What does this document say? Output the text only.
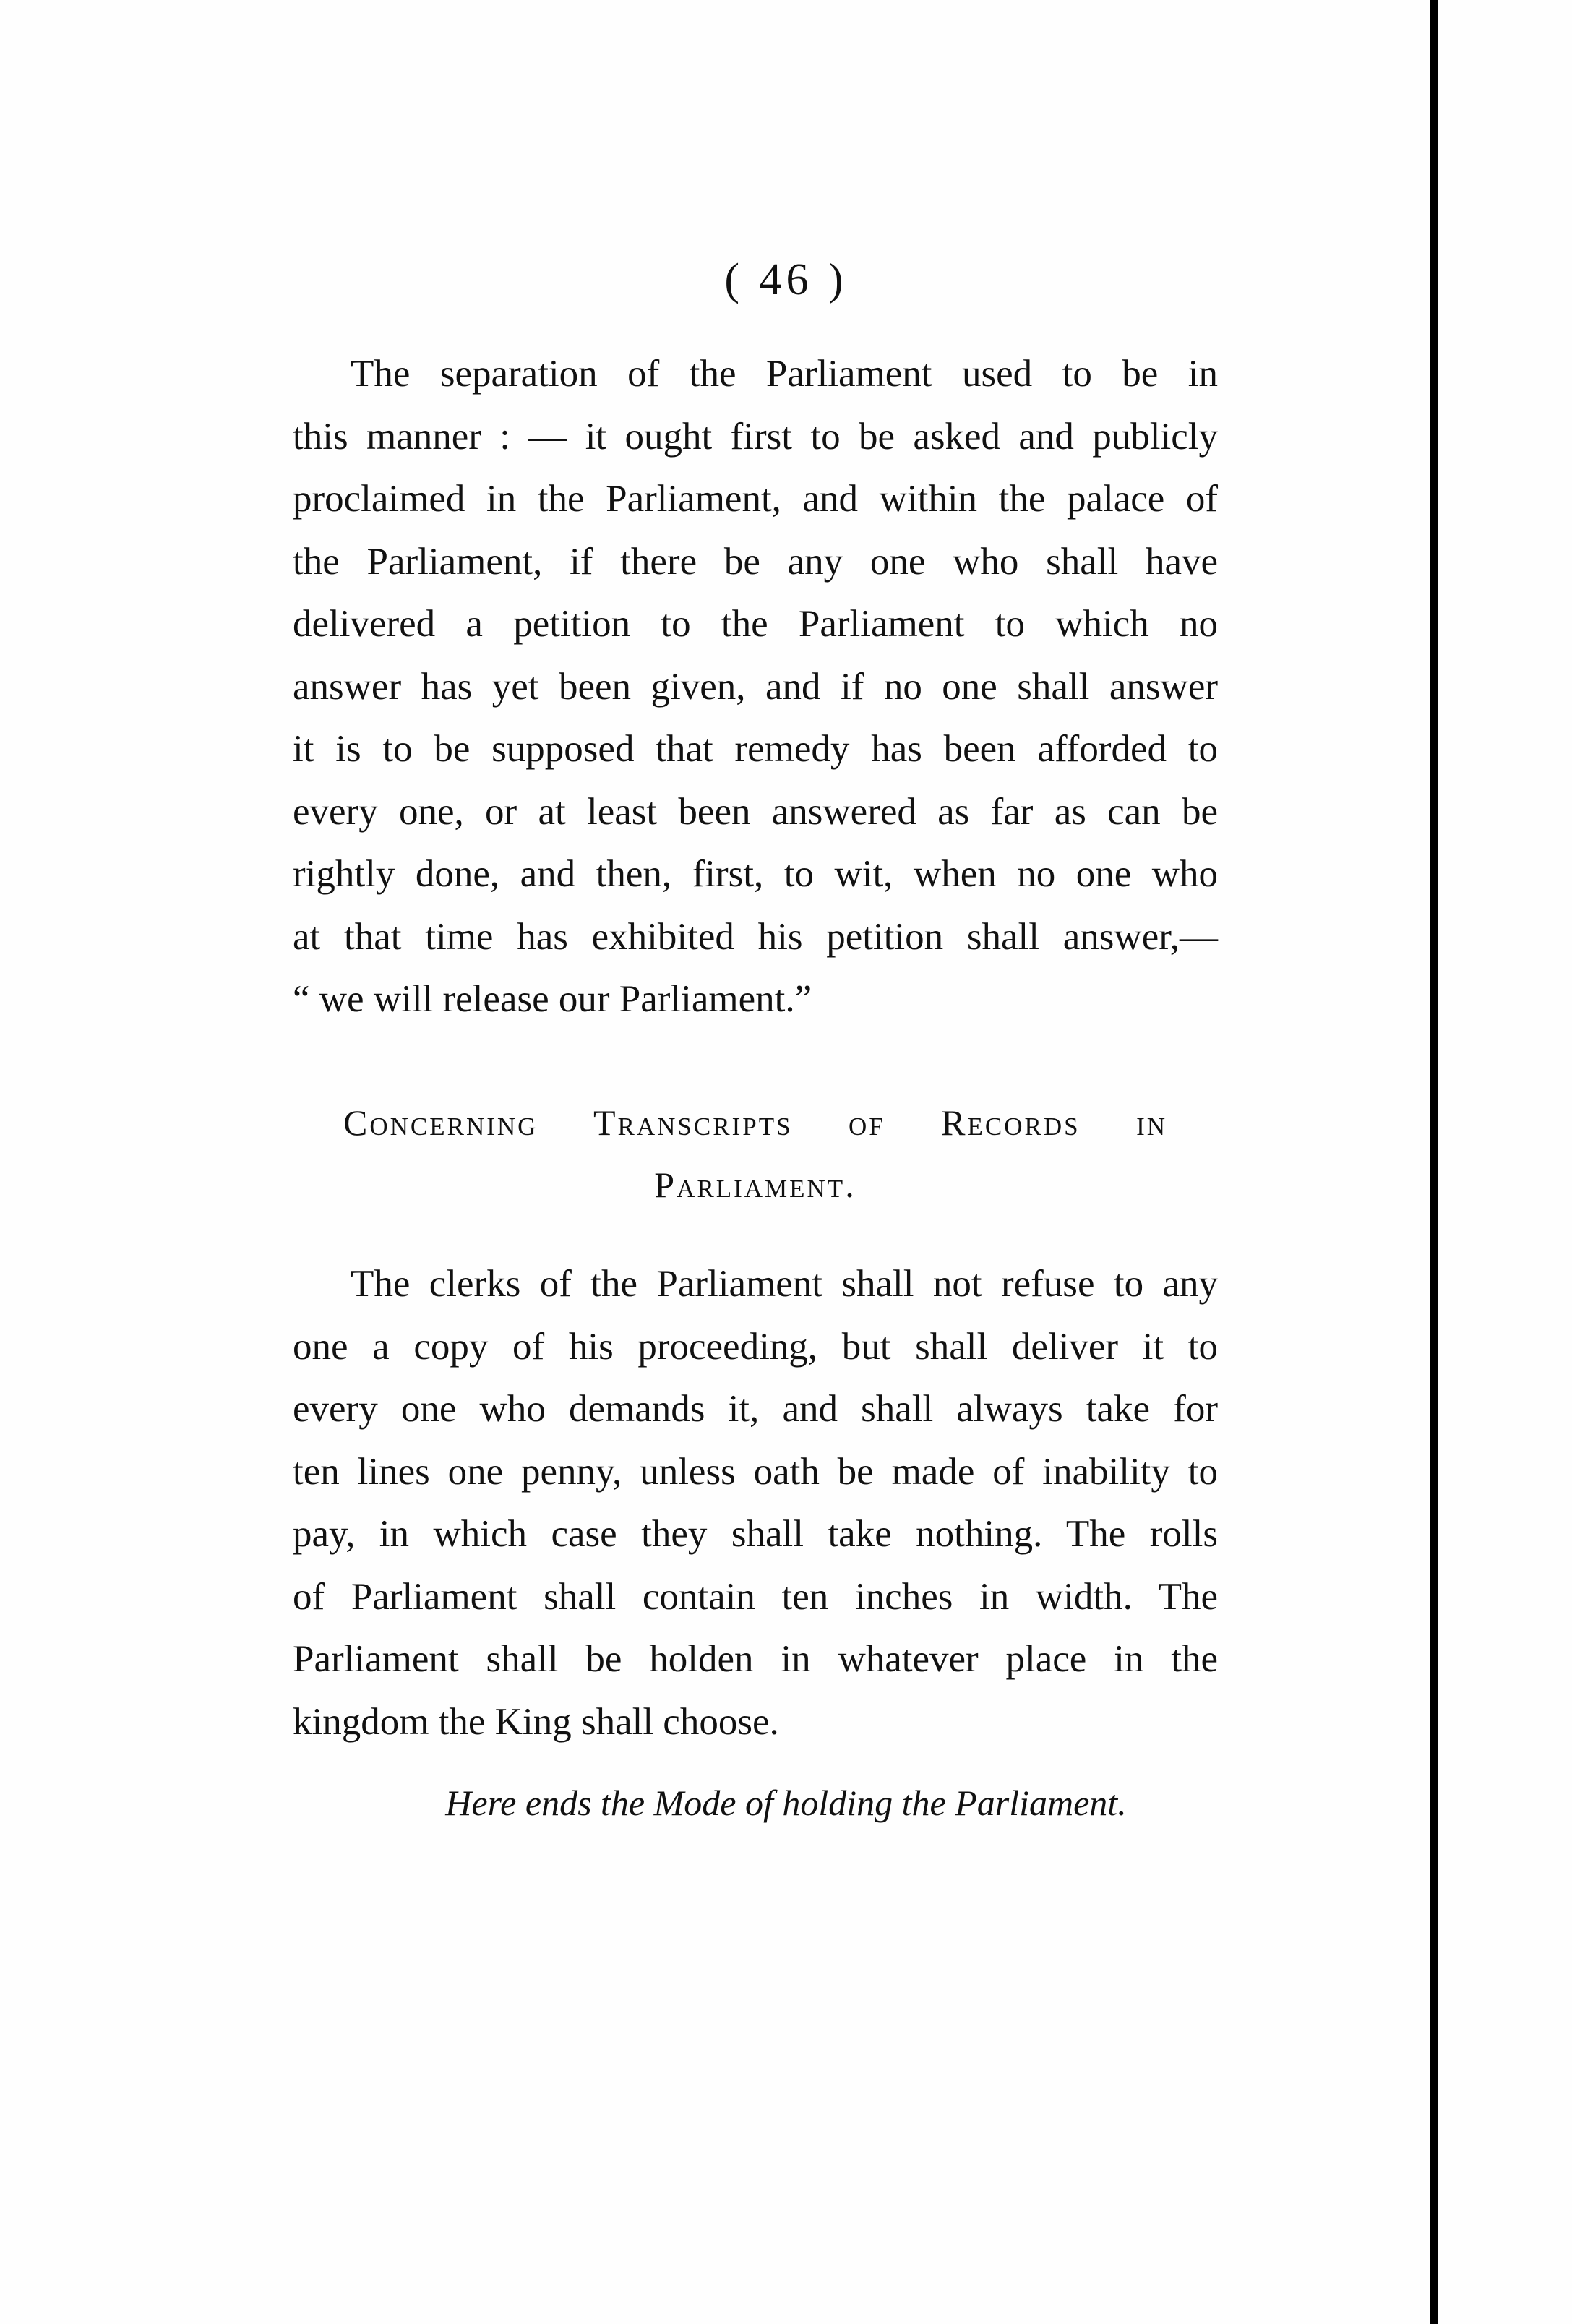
( 46 )

The separation of the Parliament used to be in
this manner : — it ought first to be asked and publicly
proclaimed in the Parliament, and within the palace of
the Parliament, if there be any one who shall have
delivered a petition to the Parliament to which no
answer has yet been given, and if no one shall answer
it is to be supposed that remedy has been afforded to
every one, or at least been answered as far as can be
rightly done, and then, first, to wit, when no one who
at that time has exhibited his petition shall answer,—
“ we will release our Parliament.”

Concerning Transcripts of Records in
Parliament.

The clerks of the Parliament shall not refuse to any
one a copy of his proceeding, but shall deliver it to
every one who demands it, and shall always take for
ten lines one penny, unless oath be made of inability to
pay, in which case they shall take nothing. The rolls
of Parliament shall contain ten inches in width. The
Parliament shall be holden in whatever place in the
kingdom the King shall choose.

Here ends the Mode of holding the Parliament.
